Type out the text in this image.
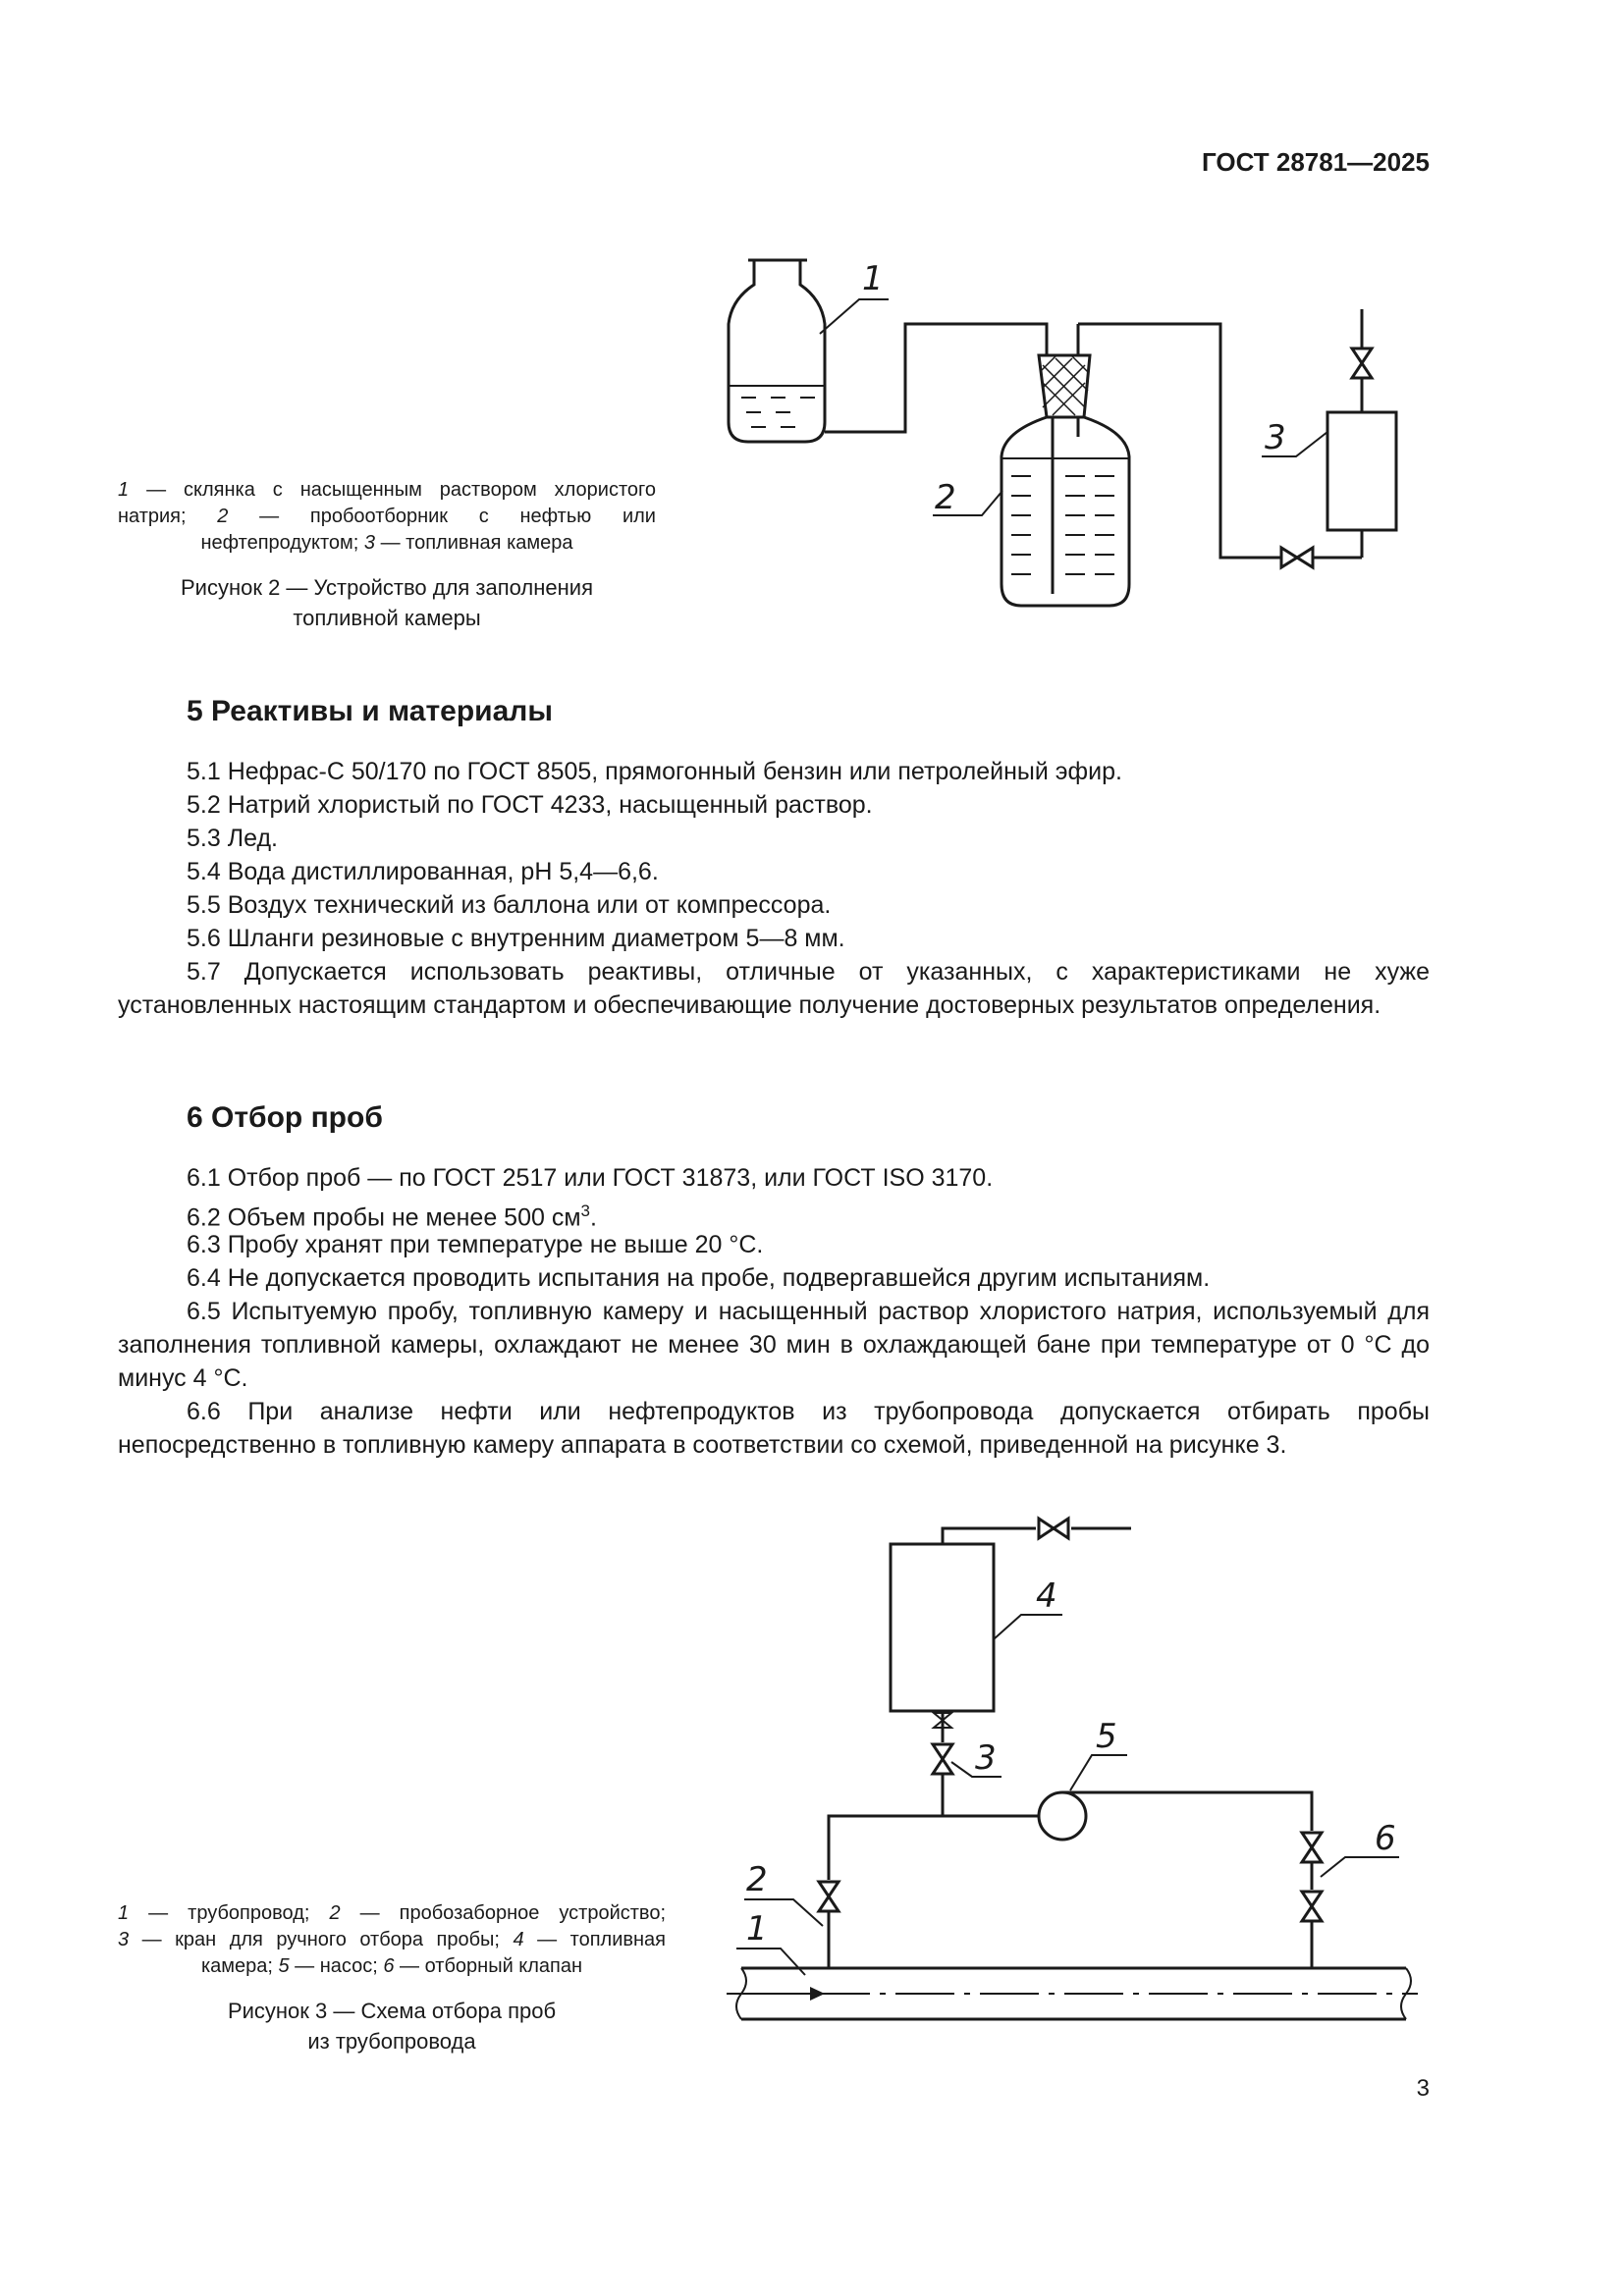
ГОСТ 28781—2025
1
2
3
1 — склянка с насыщенным раствором хлористого
натрия; 2 — пробоотборник с нефтью или
нефтепродуктом; 3 — топливная камера
Рисунок 2 — Устройство для заполнения
топливной камеры
5 Реактивы и материалы
5.1 Нефрас-С 50/170 по ГОСТ 8505, прямогонный бензин или петролейный эфир.
5.2 Натрий хлористый по ГОСТ 4233, насыщенный раствор.
5.3 Лед.
5.4 Вода дистиллированная, рН 5,4—6,6.
5.5 Воздух технический из баллона или от компрессора.
5.6 Шланги резиновые с внутренним диаметром 5—8 мм.

5.7 Допускается использовать реактивы, отличные от указанных, с характеристиками не хуже установленных настоящим стандартом и обеспечивающие получение достоверных результатов определения.

6 Отбор проб
6.1 Отбор проб — по ГОСТ 2517 или ГОСТ 31873, или ГОСТ ISO 3170.
6.2 Объем пробы не менее 500 $см^3$.
6.3 Пробу хранят при температуре не выше 20 °С.
6.4 Не допускается проводить испытания на пробе, подвергавшейся другим испытаниям.

6.5 Испытуемую пробу, топливную камеру и насыщенный раствор хлористого натрия, используемый для заполнения топливной камеры, охлаждают не менее 30 мин в охлаждающей бане при температуре от 0 °С до минус 4 °С.

6.6 При анализе нефти или нефтепродуктов из трубопровода допускается отбирать пробы непосредственно в топливную камеру аппарата в соответствии со схемой, приведенной на рисунке 3.

1
2
3
4
5
6
1 — трубопровод; 2 — пробозаборное устройство;
3 — кран для ручного отбора пробы; 4 — топливная
камера; 5 — насос; 6 — отборный клапан
Рисунок 3 — Схема отбора проб
из трубопровода
3
